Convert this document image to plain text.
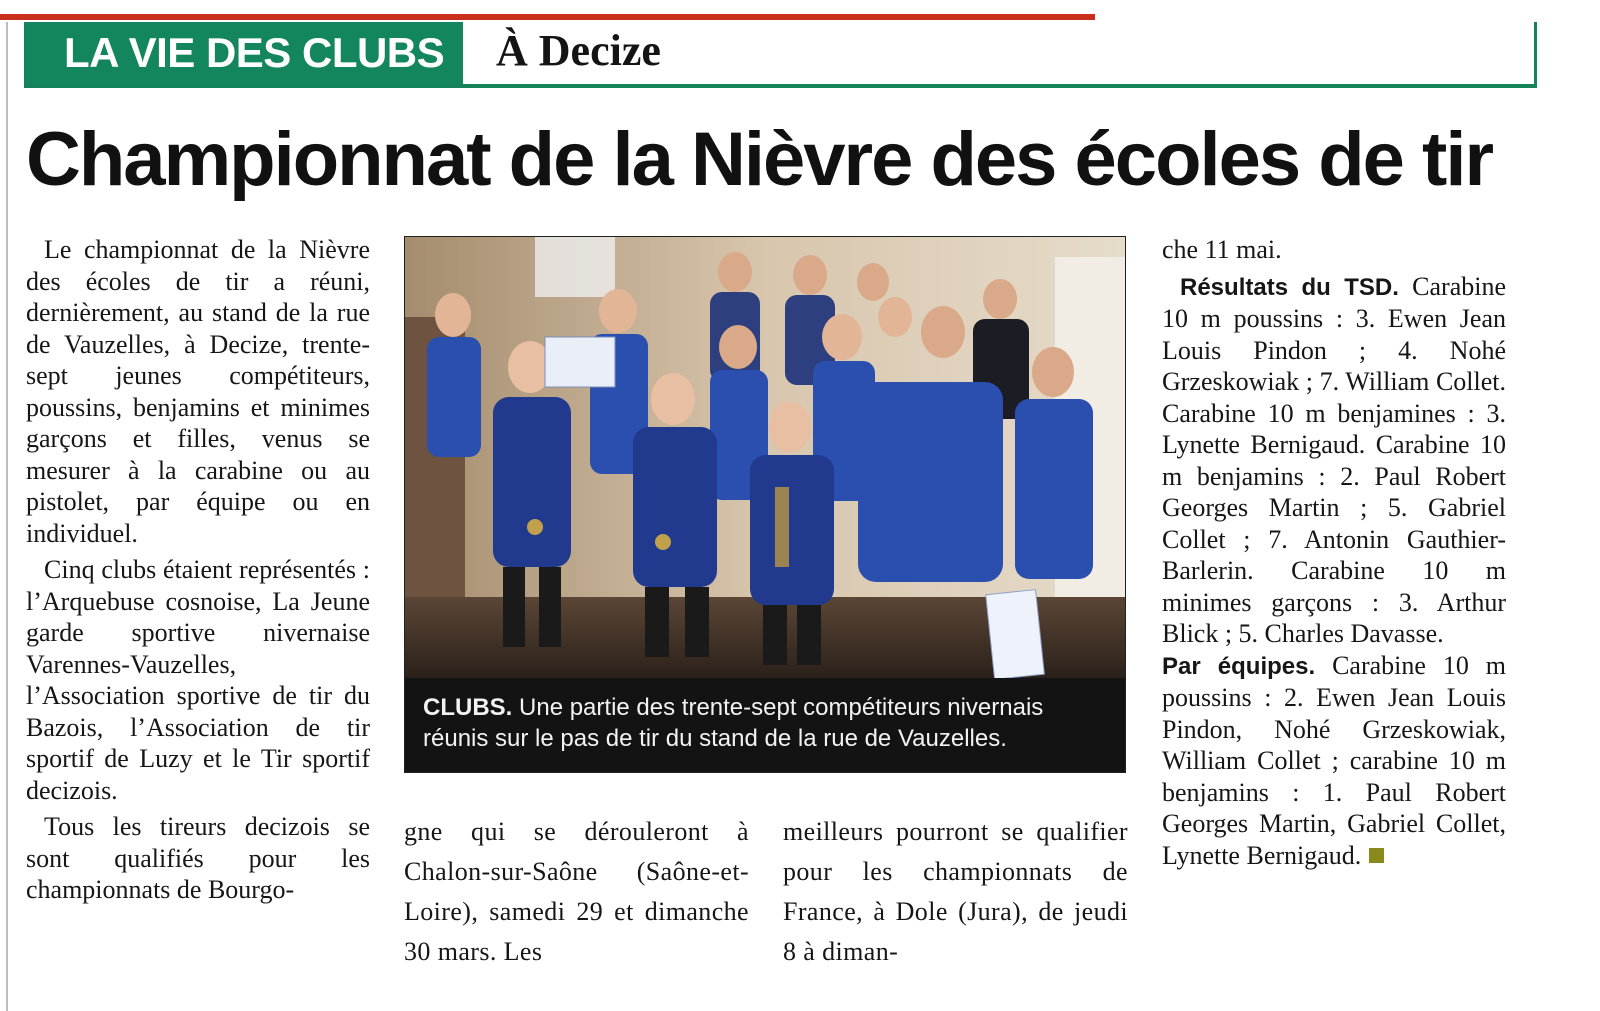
LA VIE DES CLUBS	À Decize
Championnat de la Nièvre des écoles de tir

Le championnat de la Nièvre des écoles de tir a réuni, dernièrement, au stand de la rue de Vauzelles, à Decize, trente-sept jeunes compétiteurs, poussins, benjamins et minimes garçons et filles, venus se mesurer à la carabine ou au pistolet, par équipe ou en individuel.

Cinq clubs étaient représentés : l’Arquebuse cosnoise, La Jeune garde sportive nivernaise Varennes-Vauzelles, l’Association sportive de tir du Bazois, l’Association de tir sportif de Luzy et le Tir sportif decizois.

Tous les tireurs decizois se sont qualifiés pour les championnats de Bourgo-

CLUBS. Une partie des trente-sept compétiteurs nivernais réunis sur le pas de tir du stand de la rue de Vauzelles.
gne qui se dérouleront à Chalon-sur-Saône (Saône-et-Loire), samedi 29 et dimanche 30 mars. Les
meilleurs pourront se qualifier pour les championnats de France, à Dole (Jura), de jeudi 8 à diman-

che 11 mai.

Résultats du TSD. Carabine 10 m poussins : 3. Ewen Jean Louis Pindon ; 4. Nohé Grzeskowiak ; 7. William Collet. Carabine 10 m benjamines : 3. Lynette Bernigaud. Carabine 10 m benjamins : 2. Paul Robert Georges Martin ; 5. Gabriel Collet ; 7. Antonin Gauthier-Barlerin. Carabine 10 m minimes garçons : 3. Arthur Blick ; 5. Charles Davasse.
Par équipes. Carabine 10 m poussins : 2. Ewen Jean Louis Pindon, Nohé Grzeskowiak, William Collet ; carabine 10 m benjamins : 1. Paul Robert Georges Martin, Gabriel Collet, Lynette Bernigaud.
